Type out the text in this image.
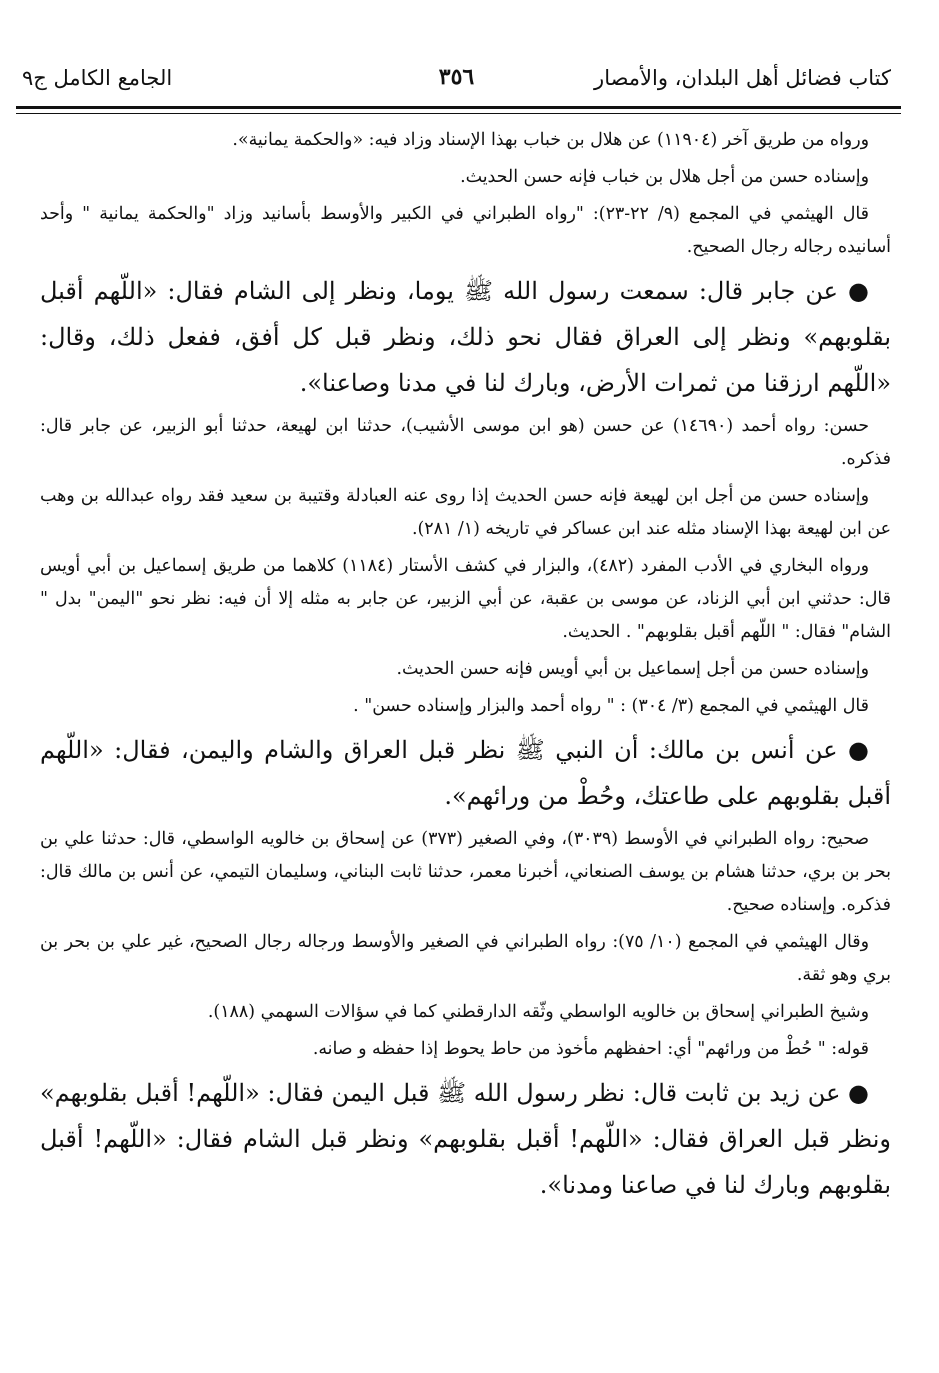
كتاب فضائل أهل البلدان، والأمصار
٣٥٦
الجامع الكامل ج٩

ورواه من طريق آخر (١١٩٠٤) عن هلال بن خباب بهذا الإسناد وزاد فيه: «والحكمة يمانية».

وإسناده حسن من أجل هلال بن خباب فإنه حسن الحديث.

قال الهيثمي في المجمع (٩/ ٢٢-٢٣): "رواه الطبراني في الكبير والأوسط بأسانيد وزاد "والحكمة يمانية " وأحد أسانيده رجاله رجال الصحيح.

● عن جابر قال: سمعت رسول الله ﷺ يوما، ونظر إلى الشام فقال: «اللّهم أقبل بقلوبهم» ونظر إلى العراق فقال نحو ذلك، ونظر قبل كل أفق، ففعل ذلك، وقال: «اللّهم ارزقنا من ثمرات الأرض، وبارك لنا في مدنا وصاعنا».

حسن: رواه أحمد (١٤٦٩٠) عن حسن (هو ابن موسى الأشيب)، حدثنا ابن لهيعة، حدثنا أبو الزبير، عن جابر قال: فذكره.

وإسناده حسن من أجل ابن لهيعة فإنه حسن الحديث إذا روى عنه العبادلة وقتيبة بن سعيد فقد رواه عبدالله بن وهب عن ابن لهيعة بهذا الإسناد مثله عند ابن عساكر في تاريخه (١/ ٢٨١).

ورواه البخاري في الأدب المفرد (٤٨٢)، والبزار في كشف الأستار (١١٨٤) كلاهما من طريق إسماعيل بن أبي أويس قال: حدثني ابن أبي الزناد، عن موسى بن عقبة، عن أبي الزبير، عن جابر به مثله إلا أن فيه: نظر نحو "اليمن" بدل " الشام" فقال: " اللّهم أقبل بقلوبهم" . الحديث.

وإسناده حسن من أجل إسماعيل بن أبي أويس فإنه حسن الحديث.

قال الهيثمي في المجمع (٣/ ٣٠٤) : " رواه أحمد والبزار وإسناده حسن" .

● عن أنس بن مالك: أن النبي ﷺ نظر قبل العراق والشام واليمن، فقال: «اللّهم أقبل بقلوبهم على طاعتك، وحُطْ من ورائهم».

صحيح: رواه الطبراني في الأوسط (٣٠٣٩)، وفي الصغير (٣٧٣) عن إسحاق بن خالويه الواسطي، قال: حدثنا علي بن بحر بن بري، حدثنا هشام بن يوسف الصنعاني، أخبرنا معمر، حدثنا ثابت البناني، وسليمان التيمي، عن أنس بن مالك قال: فذكره. وإسناده صحيح.

وقال الهيثمي في المجمع (١٠/ ٧٥): رواه الطبراني في الصغير والأوسط ورجاله رجال الصحيح، غير علي بن بحر بن بري وهو ثقة.

وشيخ الطبراني إسحاق بن خالويه الواسطي وثّقه الدارقطني كما في سؤالات السهمي (١٨٨).

قوله: " حُطْ من ورائهم" أي: احفظهم مأخوذ من حاط يحوط إذا حفظه و صانه.

● عن زيد بن ثابت قال: نظر رسول الله ﷺ قبل اليمن فقال: «اللّهم! أقبل بقلوبهم» ونظر قبل العراق فقال: «اللّهم! أقبل بقلوبهم» ونظر قبل الشام فقال: «اللّهم! أقبل بقلوبهم وبارك لنا في صاعنا ومدنا».
